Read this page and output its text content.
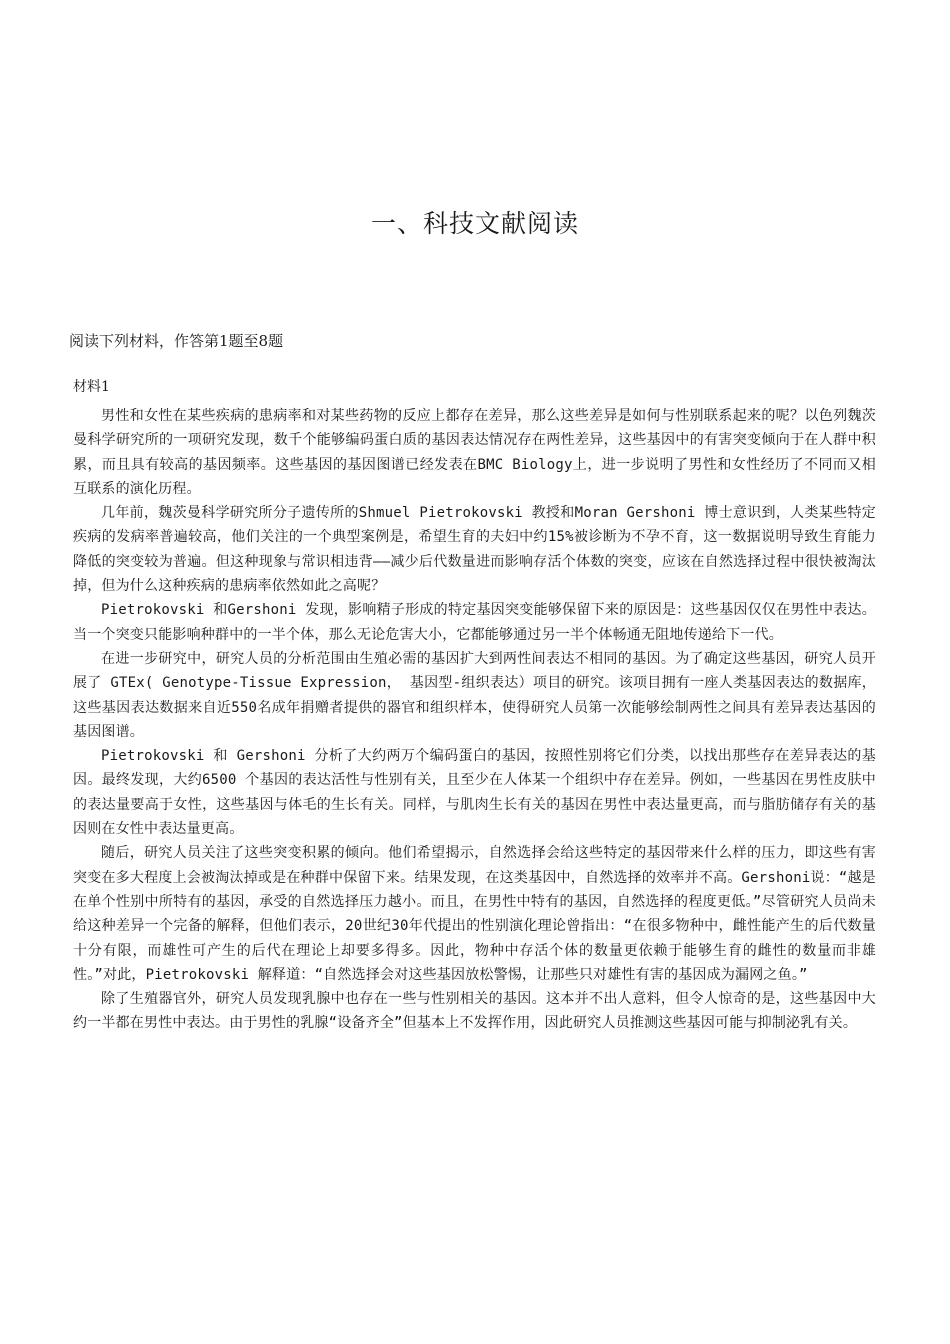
一、科技文献阅读

阅读下列材料，作答第1题至8题

材料1

男性和女性在某些疾病的患病率和对某些药物的反应上都存在差异，那么这些差异是如何与性别联系起来的呢？以色列魏茨曼科学研究所的一项研究发现，数千个能够编码蛋白质的基因表达情况存在两性差异，这些基因中的有害突变倾向于在人群中积累，而且具有较高的基因频率。这些基因的基因图谱已经发表在BMC Biology上，进一步说明了男性和女性经历了不同而又相互联系的演化历程。

几年前，魏茨曼科学研究所分子遗传所的Shmuel Pietrokovski 教授和Moran Gershoni 博士意识到，人类某些特定疾病的发病率普遍较高，他们关注的一个典型案例是，希望生育的夫妇中约15%被诊断为不孕不育，这一数据说明导致生育能力降低的突变较为普遍。但这种现象与常识相违背——减少后代数量进而影响存活个体数的突变，应该在自然选择过程中很快被淘汰掉，但为什么这种疾病的患病率依然如此之高呢？

Pietrokovski 和Gershoni 发现，影响精子形成的特定基因突变能够保留下来的原因是：这些基因仅仅在男性中表达。当一个突变只能影响种群中的一半个体，那么无论危害大小，它都能够通过另一半个体畅通无阻地传递给下一代。

在进一步研究中，研究人员的分析范围由生殖必需的基因扩大到两性间表达不相同的基因。为了确定这些基因，研究人员开展了 GTEx( Genotype-Tissue Expression， 基因型-组织表达）项目的研究。该项目拥有一座人类基因表达的数据库，这些基因表达数据来自近550名成年捐赠者提供的器官和组织样本，使得研究人员第一次能够绘制两性之间具有差异表达基因的基因图谱。

Pietrokovski 和 Gershoni 分析了大约两万个编码蛋白的基因，按照性别将它们分类，以找出那些存在差异表达的基因。最终发现，大约6500 个基因的表达活性与性别有关，且至少在人体某一个组织中存在差异。例如，一些基因在男性皮肤中的表达量要高于女性，这些基因与体毛的生长有关。同样，与肌肉生长有关的基因在男性中表达量更高，而与脂肪储存有关的基因则在女性中表达量更高。

随后，研究人员关注了这些突变积累的倾向。他们希望揭示，自然选择会给这些特定的基因带来什么样的压力，即这些有害突变在多大程度上会被淘汰掉或是在种群中保留下来。结果发现，在这类基因中，自然选择的效率并不高。Gershoni说：“越是在单个性别中所特有的基因，承受的自然选择压力越小。而且，在男性中特有的基因，自然选择的程度更低。”尽管研究人员尚未给这种差异一个完备的解释，但他们表示，20世纪30年代提出的性别演化理论曾指出：“在很多物种中，雌性能产生的后代数量十分有限，而雄性可产生的后代在理论上却要多得多。因此，物种中存活个体的数量更依赖于能够生育的雌性的数量而非雄性。”对此，Pietrokovski 解释道：“自然选择会对这些基因放松警惕，让那些只对雄性有害的基因成为漏网之鱼。”

除了生殖器官外，研究人员发现乳腺中也存在一些与性别相关的基因。这本并不出人意料，但令人惊奇的是，这些基因中大约一半都在男性中表达。由于男性的乳腺“设备齐全”但基本上不发挥作用，因此研究人员推测这些基因可能与抑制泌乳有关。
